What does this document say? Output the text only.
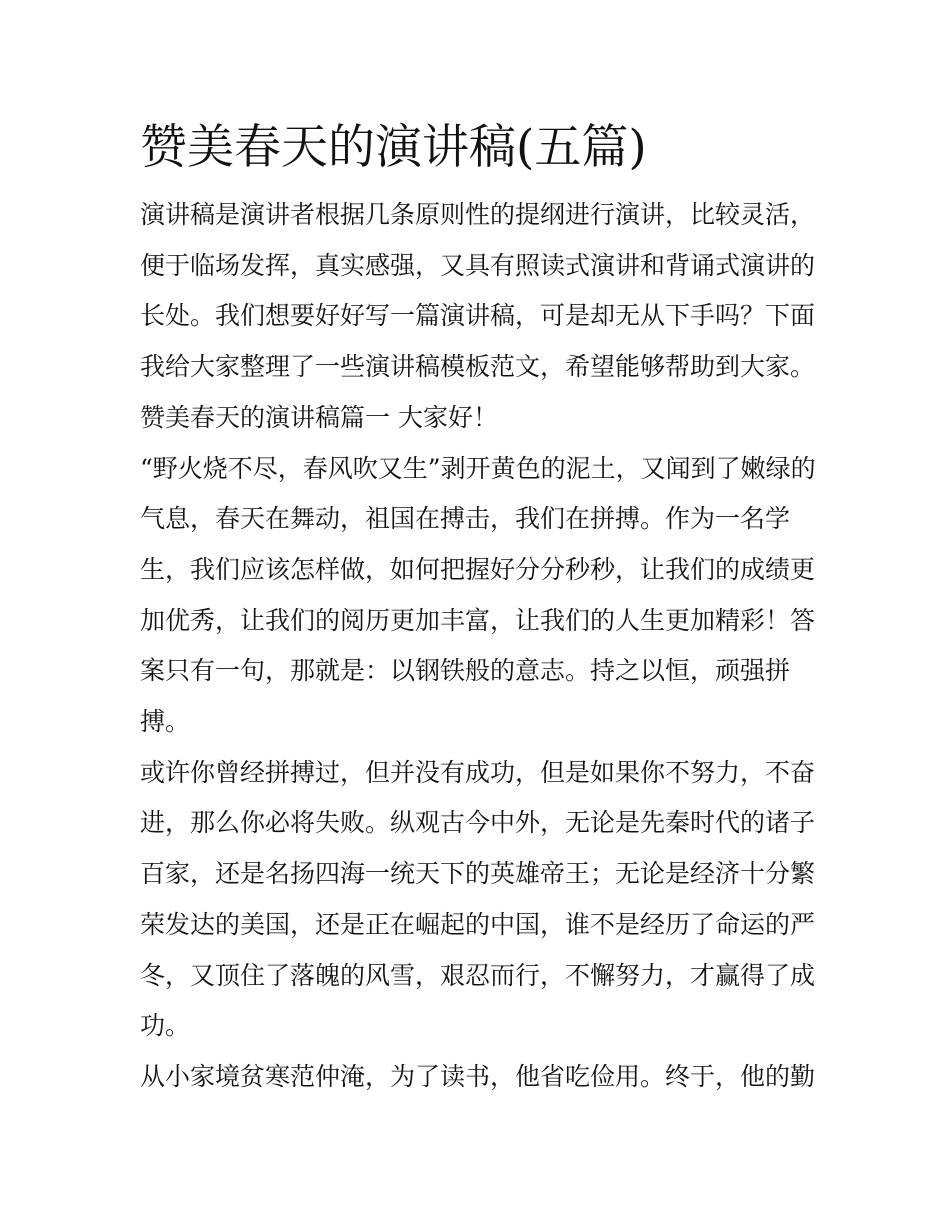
赞美春天的演讲稿(五篇)
演讲稿是演讲者根据几条原则性的提纲进行演讲，比较灵活，
便于临场发挥，真实感强，又具有照读式演讲和背诵式演讲的
长处。我们想要好好写一篇演讲稿，可是却无从下手吗？下面
我给大家整理了一些演讲稿模板范文，希望能够帮助到大家。
赞美春天的演讲稿篇一 大家好！
“野火烧不尽，春风吹又生”剥开黄色的泥土，又闻到了嫩绿的
气息，春天在舞动，祖国在搏击，我们在拼搏。作为一名学
生，我们应该怎样做，如何把握好分分秒秒，让我们的成绩更
加优秀，让我们的阅历更加丰富，让我们的人生更加精彩！答
案只有一句，那就是：以钢铁般的意志。持之以恒，顽强拼
搏。
或许你曾经拼搏过，但并没有成功，但是如果你不努力，不奋
进，那么你必将失败。纵观古今中外，无论是先秦时代的诸子
百家，还是名扬四海一统天下的英雄帝王；无论是经济十分繁
荣发达的美国，还是正在崛起的中国，谁不是经历了命运的严
冬，又顶住了落魄的风雪，艰忍而行，不懈努力，才赢得了成
功。
从小家境贫寒范仲淹，为了读书，他省吃俭用。终于，他的勤
